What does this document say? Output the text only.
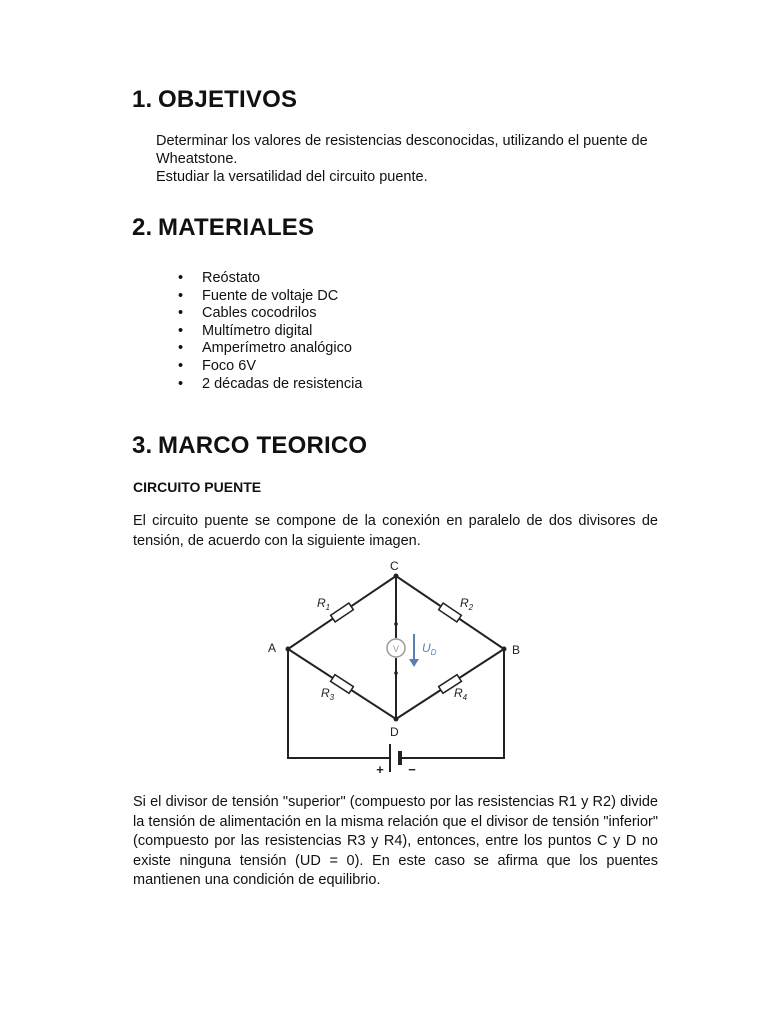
1. OBJETIVOS

Determinar los valores de resistencias desconocidas, utilizando el puente de Wheatstone.

Estudiar la versatilidad del circuito puente.

2. MATERIALES
• Reóstato
• Fuente de voltaje DC
• Cables cocodrilos
• Multímetro digital
• Amperímetro analógico
• Foco 6V
• 2 décadas de resistencia
3. MARCO TEORICO

CIRCUITO PUENTE

El circuito puente se compone de la conexión en paralelo de dos divisores de tensión, de acuerdo con la siguiente imagen.

V $U_D$
+ −
A	B
C
D
$R_1$	$R_2$
$R_3$	$R_4$

Si el divisor de tensión "superior" (compuesto por las resistencias R1 y R2) divide la tensión de alimentación en la misma relación que el divisor de tensión "inferior" (compuesto por las resistencias R3 y R4), entonces, entre los puntos C y D no existe ninguna tensión (UD = 0). En este caso se afirma que los puentes mantienen una condición de equilibrio.
